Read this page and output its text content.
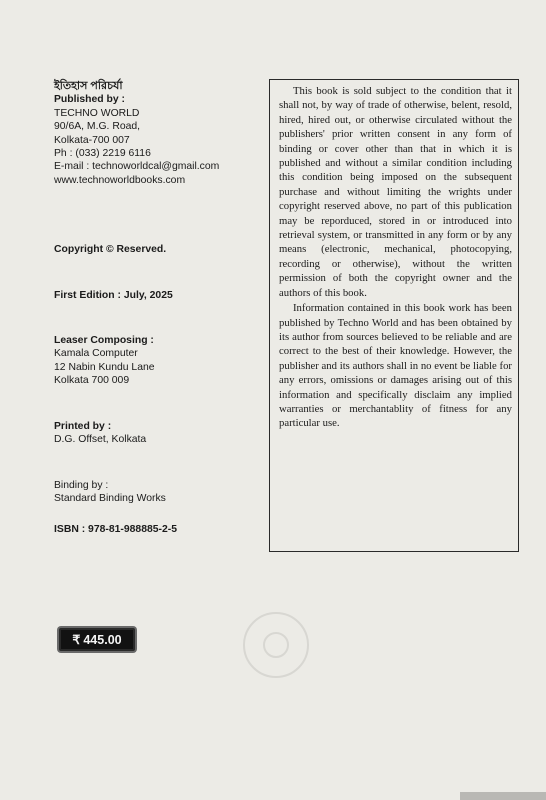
ইতিহাস পরিচর্যা
Published by :
TECHNO WORLD
90/6A, M.G. Road,
Kolkata-700 007
Ph : (033) 2219 6116
E-mail : technoworldcal@gmail.com
www.technoworldbooks.com
Copyright © Reserved.
First Edition : July, 2025
Leaser Composing :
Kamala Computer
12 Nabin Kundu Lane
Kolkata 700 009
Printed by :
D.G. Offset, Kolkata
Binding by :
Standard Binding Works
ISBN : 978-81-988885-2-5

This book is sold subject to the condition that it shall not, by way of trade of otherwise, belent, resold, hired, hired out, or otherwise circulated without the publishers' prior written consent in any form of binding or cover other than that in which it is published and without a similar condition including this condition being imposed on the subsequent purchase and without limiting the wrights under copyright reserved above, no part of this publication may be reporduced, stored in or introduced into retrieval system, or transmitted in any form or by any means (electronic, mechanical, photocopying, recording or otherwise), without the written permission of both the copyright owner and the authors of this book.

Information contained in this book work has been published by Techno World and has been obtained by its author from sources believed to be reliable and are correct to the best of their knowledge. However, the publisher and its authors shall in no event be liable for any errors, omissions or damages arising out of this information and specifically disclaim any implied warranties or merchantablity of fitness for any particular use.

₹ 445.00
